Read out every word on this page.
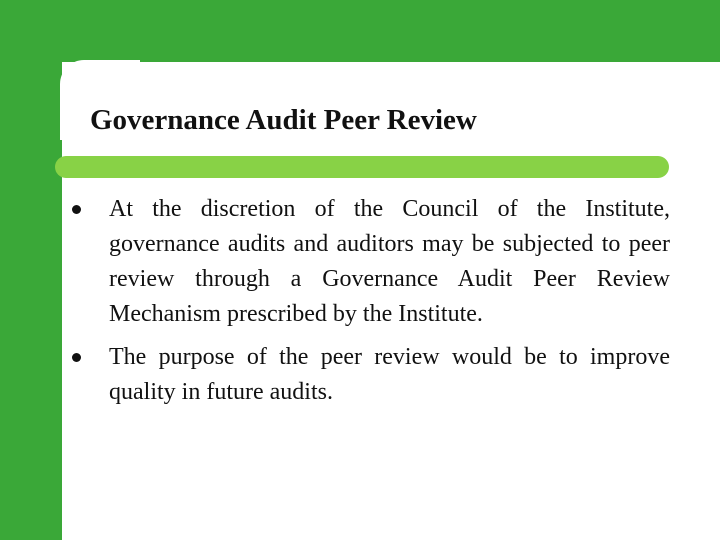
Governance Audit Peer Review
At the discretion of the Council of the Institute, governance audits and auditors may be subjected to peer review through a Governance Audit Peer Review Mechanism prescribed by the Institute.
The purpose of the peer review would be to improve quality in future audits.
